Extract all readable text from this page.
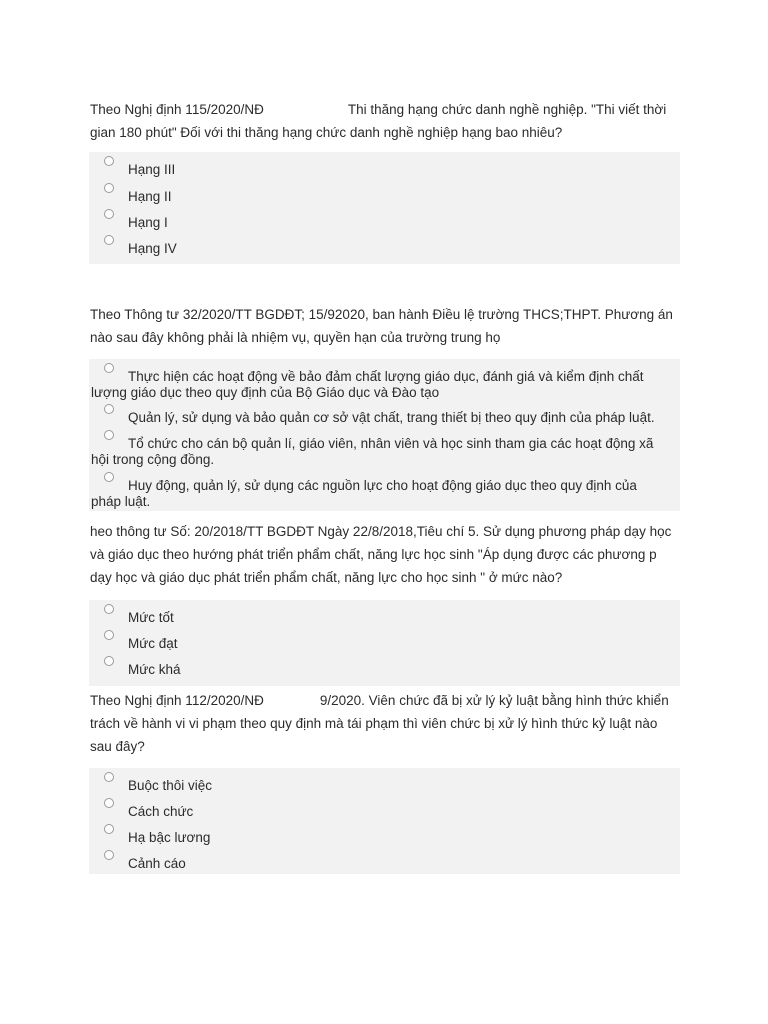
Theo Nghị định 115/2020/NĐ	Thi thăng hạng chức danh nghề nghiệp. "Thi viết thời gian 180 phút" Đối với thi thăng hạng chức danh nghề nghiệp hạng bao nhiêu?
Hạng III
Hạng II
Hạng I
Hạng IV
Theo Thông tư 32/2020/TT BGDĐT; 15/92020, ban hành Điều lệ trường THCS;THPT. Phương án nào sau đây không phải là nhiệm vụ, quyền hạn của trường trung họ
Thực hiện các hoạt động về bảo đảm chất lượng giáo dục, đánh giá và kiểm định chất lượng giáo dục theo quy định của Bộ Giáo dục và Đào tạo
Quản lý, sử dụng và bảo quản cơ sở vật chất, trang thiết bị theo quy định của pháp luật.
Tổ chức cho cán bộ quản lí, giáo viên, nhân viên và học sinh tham gia các hoạt động xã hội trong cộng đồng.
Huy động, quản lý, sử dụng các nguồn lực cho hoạt động giáo dục theo quy định của pháp luật.
heo thông tư Số: 20/2018/TT BGDĐT Ngày 22/8/2018,Tiêu chí 5. Sử dụng phương pháp dạy học và giáo dục theo hướng phát triển phẩm chất, năng lực học sinh "Áp dụng được các phương p dạy học và giáo dục phát triển phẩm chất, năng lực cho học sinh " ở mức nào?
Mức tốt
Mức đạt
Mức khá
Theo Nghị định 112/2020/NĐ	9/2020. Viên chức đã bị xử lý kỷ luật bằng hình thức khiển trách về hành vi vi phạm theo quy định mà tái phạm thì viên chức bị xử lý hình thức kỷ luật nào sau đây?
Buộc thôi việc
Cách chức
Hạ bậc lương
Cảnh cáo
